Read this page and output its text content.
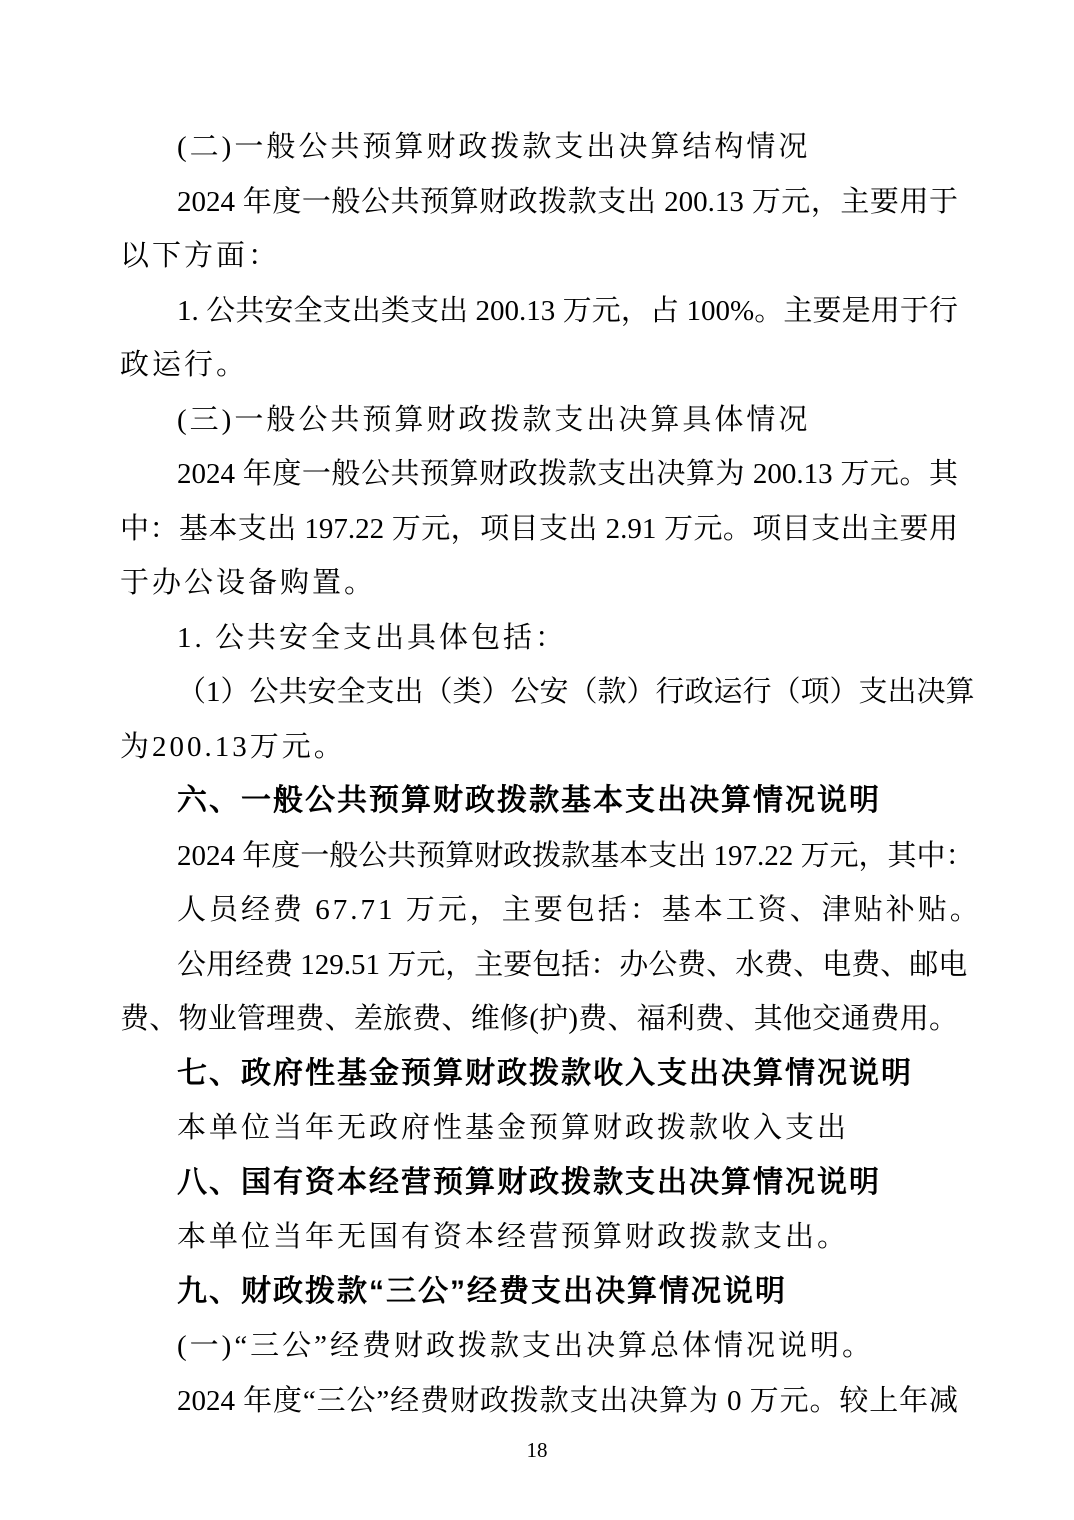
(二)一般公共预算财政拨款支出决算结构情况
2024 年度一般公共预算财政拨款支出 200.13 万元，主要用于
以下方面：
1. 公共安全支出类支出 200.13 万元，占 100%。主要是用于行
政运行。
(三)一般公共预算财政拨款支出决算具体情况
2024 年度一般公共预算财政拨款支出决算为 200.13 万元。其
中：基本支出 197.22 万元，项目支出 2.91 万元。项目支出主要用
于办公设备购置。
1. 公共安全支出具体包括：
（1）公共安全支出（类）公安（款）行政运行（项）支出决算
为200.13万元。
六、一般公共预算财政拨款基本支出决算情况说明
2024 年度一般公共预算财政拨款基本支出 197.22 万元，其中：
人员经费 67.71 万元，主要包括：基本工资、津贴补贴。
公用经费 129.51 万元，主要包括：办公费、水费、电费、邮电
费、物业管理费、差旅费、维修(护)费、福利费、其他交通费用。
七、政府性基金预算财政拨款收入支出决算情况说明
本单位当年无政府性基金预算财政拨款收入支出
八、国有资本经营预算财政拨款支出决算情况说明
本单位当年无国有资本经营预算财政拨款支出。
九、财政拨款“三公”经费支出决算情况说明
(一)“三公”经费财政拨款支出决算总体情况说明。
2024 年度“三公”经费财政拨款支出决算为 0 万元。较上年减
18
